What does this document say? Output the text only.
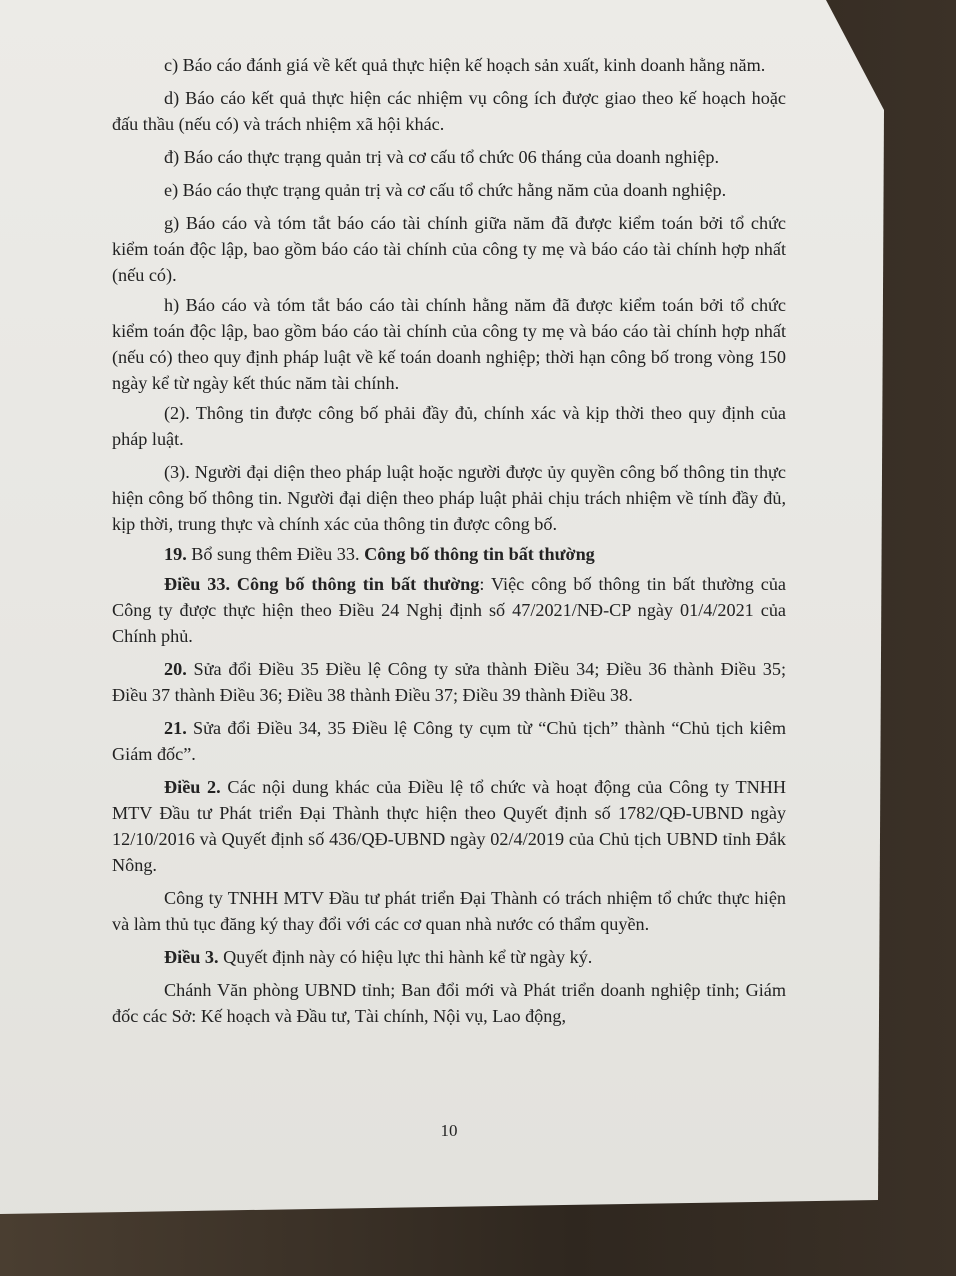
c) Báo cáo đánh giá về kết quả thực hiện kế hoạch sản xuất, kinh doanh hằng năm.

d) Báo cáo kết quả thực hiện các nhiệm vụ công ích được giao theo kế hoạch hoặc đấu thầu (nếu có) và trách nhiệm xã hội khác.

đ) Báo cáo thực trạng quản trị và cơ cấu tổ chức 06 tháng của doanh nghiệp.

e) Báo cáo thực trạng quản trị và cơ cấu tổ chức hằng năm của doanh nghiệp.

g) Báo cáo và tóm tắt báo cáo tài chính giữa năm đã được kiểm toán bởi tổ chức kiểm toán độc lập, bao gồm báo cáo tài chính của công ty mẹ và báo cáo tài chính hợp nhất (nếu có).

h) Báo cáo và tóm tắt báo cáo tài chính hằng năm đã được kiểm toán bởi tổ chức kiểm toán độc lập, bao gồm báo cáo tài chính của công ty mẹ và báo cáo tài chính hợp nhất (nếu có) theo quy định pháp luật về kế toán doanh nghiệp; thời hạn công bố trong vòng 150 ngày kể từ ngày kết thúc năm tài chính.

(2). Thông tin được công bố phải đầy đủ, chính xác và kịp thời theo quy định của pháp luật.

(3). Người đại diện theo pháp luật hoặc người được ủy quyền công bố thông tin thực hiện công bố thông tin. Người đại diện theo pháp luật phải chịu trách nhiệm về tính đầy đủ, kịp thời, trung thực và chính xác của thông tin được công bố.

19. Bổ sung thêm Điều 33. Công bố thông tin bất thường

Điều 33. Công bố thông tin bất thường: Việc công bố thông tin bất thường của Công ty được thực hiện theo Điều 24 Nghị định số 47/2021/NĐ-CP ngày 01/4/2021 của Chính phủ.

20. Sửa đổi Điều 35 Điều lệ Công ty sửa thành Điều 34; Điều 36 thành Điều 35; Điều 37 thành Điều 36; Điều 38 thành Điều 37; Điều 39 thành Điều 38.

21. Sửa đổi Điều 34, 35 Điều lệ Công ty cụm từ “Chủ tịch” thành “Chủ tịch kiêm Giám đốc”.

Điều 2. Các nội dung khác của Điều lệ tổ chức và hoạt động của Công ty TNHH MTV Đầu tư Phát triển Đại Thành thực hiện theo Quyết định số 1782/QĐ-UBND ngày 12/10/2016 và Quyết định số 436/QĐ-UBND ngày 02/4/2019 của Chủ tịch UBND tỉnh Đắk Nông.

Công ty TNHH MTV Đầu tư phát triển Đại Thành có trách nhiệm tổ chức thực hiện và làm thủ tục đăng ký thay đổi với các cơ quan nhà nước có thẩm quyền.

Điều 3. Quyết định này có hiệu lực thi hành kể từ ngày ký.

Chánh Văn phòng UBND tỉnh; Ban đổi mới và Phát triển doanh nghiệp tỉnh; Giám đốc các Sở: Kế hoạch và Đầu tư, Tài chính, Nội vụ, Lao động,

10
